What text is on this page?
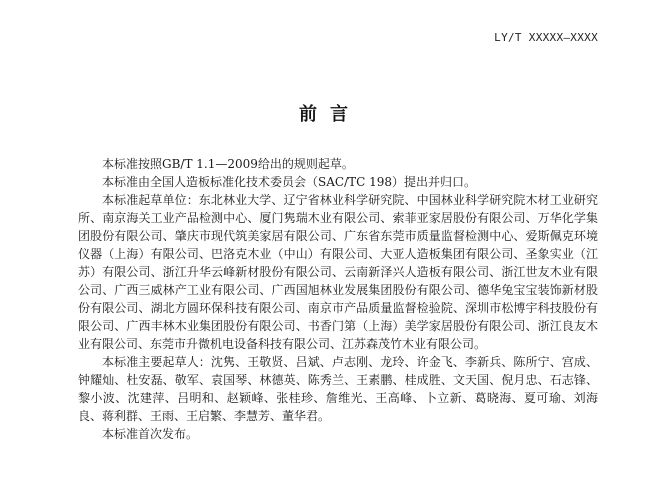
LY/T XXXXX—XXXX
前言

本标准按照GB/T 1.1—2009给出的规则起草。

本标准由全国人造板标准化技术委员会（SAC/TC 198）提出并归口。

本标准起草单位：东北林业大学、辽宁省林业科学研究院、中国林业科学研究院木材工业研究所、南京海关工业产品检测中心、厦门隽瑞木业有限公司、索菲亚家居股份有限公司、万华化学集团股份有限公司、肇庆市现代筑美家居有限公司、广东省东莞市质量监督检测中心、爱斯佩克环境仪器（上海）有限公司、巴洛克木业（中山）有限公司、大亚人造板集团有限公司、圣象实业（江苏）有限公司、浙江升华云峰新材股份有限公司、云南新泽兴人造板有限公司、浙江世友木业有限公司、广西三威林产工业有限公司、广西国旭林业发展集团股份有限公司、德华兔宝宝装饰新材股份有限公司、湖北方圆环保科技有限公司、南京市产品质量监督检验院、深圳市松博宇科技股份有限公司、广西丰林木业集团股份有限公司、书香门第（上海）美学家居股份有限公司、浙江良友木业有限公司、东莞市升微机电设备科技有限公司、江苏森茂竹木业有限公司。

本标准主要起草人：沈隽、王敬贤、吕斌、卢志刚、龙玲、许金飞、李新兵、陈所宁、宫成、钟耀灿、杜安磊、敬军、袁国琴、林德英、陈秀兰、王素鹏、桂成胜、文天国、倪月忠、石志锋、黎小波、沈建萍、吕明和、赵颖峰、张桂珍、詹维光、王高峰、卜立新、葛晓海、夏可瑜、刘海良、蒋利群、王雨、王启繁、李慧芳、董华君。

本标准首次发布。
